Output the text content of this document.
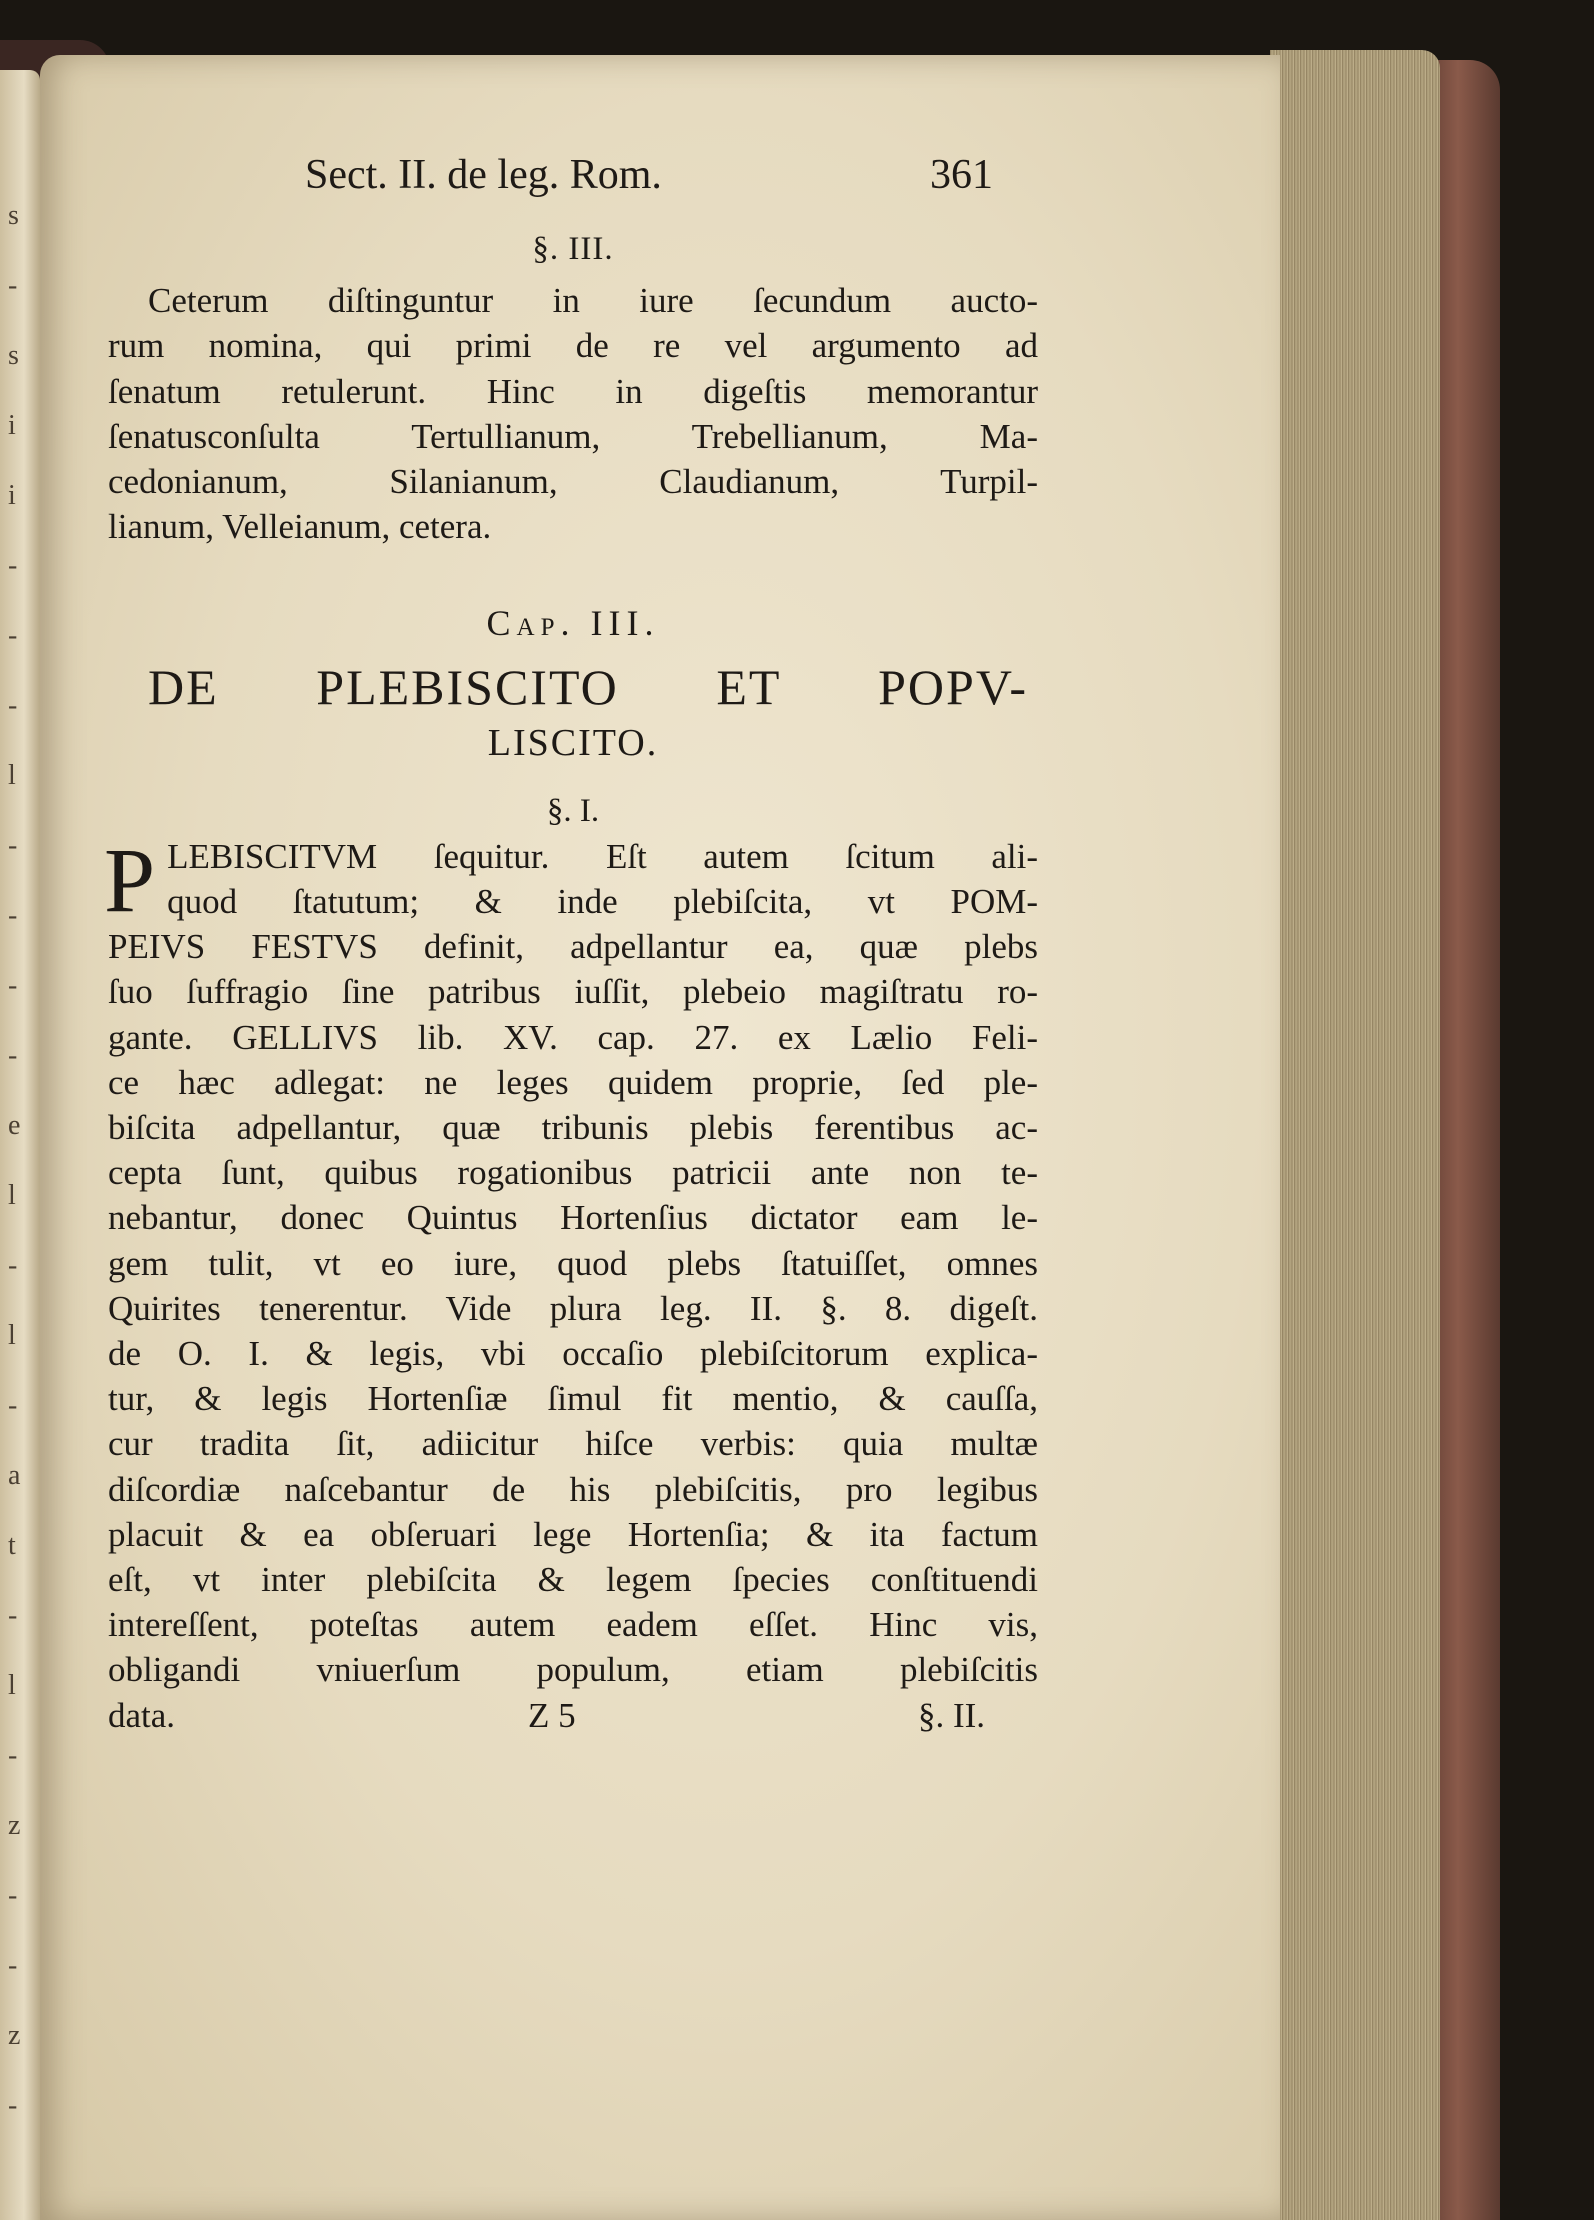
s
-
s
i
i
-
-
-
l
-
-
-
-
e
l
-
l
-
a
t
-
l
-
z
-
-
z
-
Sect. II. de leg. Rom.	361
§. III.
Ceterum diſtinguntur in iure ſecundum aucto-
rum nomina, qui primi de re vel argumento ad
ſenatum retulerunt. Hinc in digeſtis memorantur
ſenatusconſulta Tertullianum, Trebellianum, Ma-
cedonianum, Silanianum, Claudianum, Turpil-
lianum, Velleianum, cetera.
Cap. III.
DE PLEBISCITO ET POPV-
LISCITO.
§. I.
P LEBISCITVM ſequitur. Eſt autem ſcitum ali-
quod ſtatutum; & inde plebiſcita, vt POM-
PEIVS FESTVS definit, adpellantur ea, quæ plebs
ſuo ſuffragio ſine patribus iuſſit, plebeio magiſtratu ro-
gante. GELLIVS lib. XV. cap. 27. ex Lælio Feli-
ce hæc adlegat: ne leges quidem proprie, ſed ple-
biſcita adpellantur, quæ tribunis plebis ferentibus ac-
cepta ſunt, quibus rogationibus patricii ante non te-
nebantur, donec Quintus Hortenſius dictator eam le-
gem tulit, vt eo iure, quod plebs ſtatuiſſet, omnes
Quirites tenerentur. Vide plura leg. II. §. 8. digeſt.
de O. I. & legis, vbi occaſio plebiſcitorum explica-
tur, & legis Hortenſiæ ſimul fit mentio, & cauſſa,
cur tradita ſit, adiicitur hiſce verbis: quia multæ
diſcordiæ naſcebantur de his plebiſcitis, pro legibus
placuit & ea obſeruari lege Hortenſia; & ita factum
eſt, vt inter plebiſcita & legem ſpecies conſtituendi
intereſſent, poteſtas autem eadem eſſet. Hinc vis,
obligandi vniuerſum populum, etiam plebiſcitis
data.	Z 5	§. II.
